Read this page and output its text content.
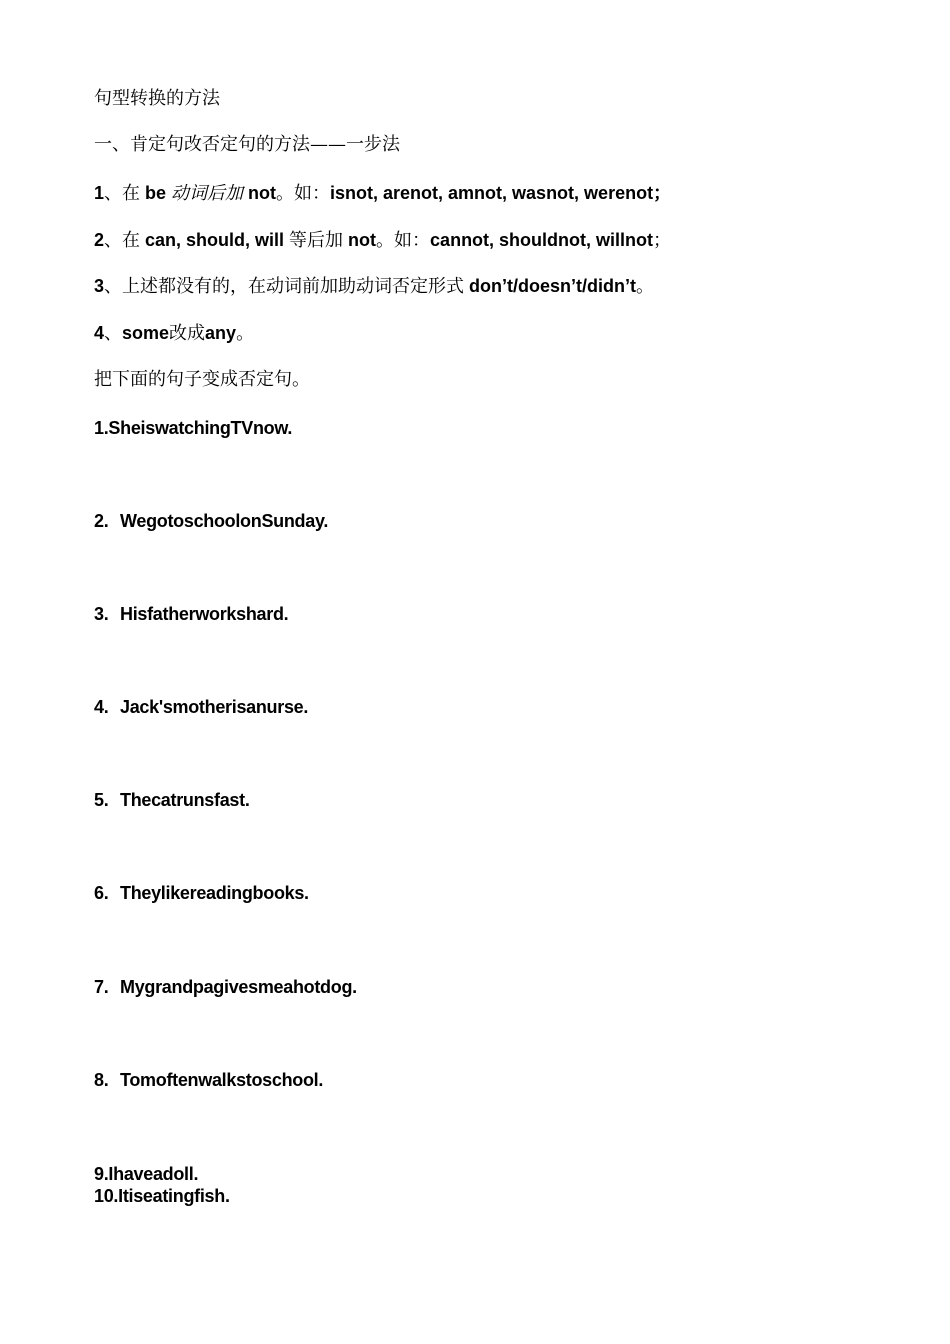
句型转换的方法

一、肯定句改否定句的方法——一步法

1、在 be 动词后加 not。如：isnot, arenot, amnot, wasnot, werenot；

2、在 can, should, will 等后加 not。如：cannot, shouldnot, willnot；

3、上述都没有的，在动词前加助动词否定形式 don’t/doesn’t/didn’t。

4、some改成any。

把下面的句子变成否定句。

1.SheiswatchingTVnow.

2. WegotoschoolonSunday.

3. Hisfatherworkshard.

4. Jack'smotherisanurse.

5. Thecatrunsfast.

6. Theylikereadingbooks.

7. Mygrandpagivesmeahotdog.

8. Tomoftenwalkstoschool.

9.Ihaveadoll.

10.Itiseatingfish.
